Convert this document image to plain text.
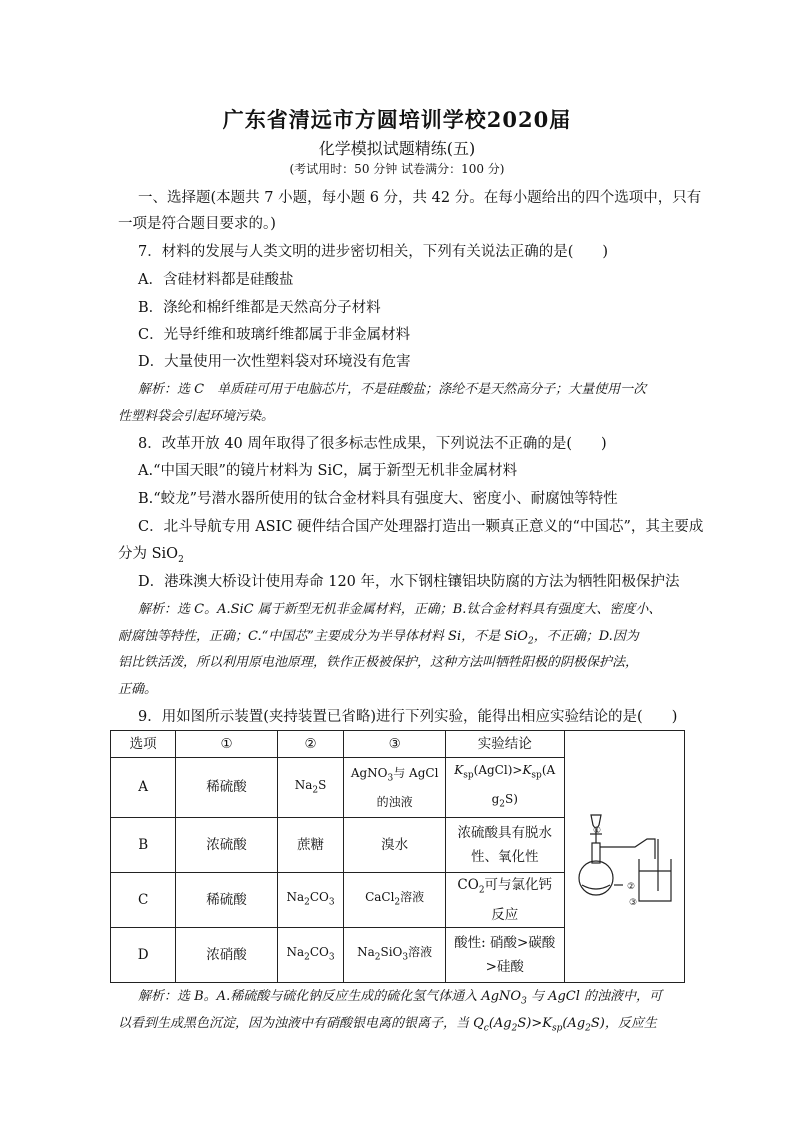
广东省清远市方圆培训学校2020届
化学模拟试题精练(五)
(考试用时：50 分钟 试卷满分：100 分)
一、选择题(本题共 7 小题，每小题 6 分，共 42 分。在每小题给出的四个选项中，只有
一项是符合题目要求的。)
7．材料的发展与人类文明的进步密切相关，下列有关说法正确的是(　　)
A．含硅材料都是硅酸盐
B．涤纶和棉纤维都是天然高分子材料
C．光导纤维和玻璃纤维都属于非金属材料
D．大量使用一次性塑料袋对环境没有危害
解析：选 C　单质硅可用于电脑芯片，不是硅酸盐；涤纶不是天然高分子；大量使用一次
性塑料袋会引起环境污染。
8．改革开放 40 周年取得了很多标志性成果，下列说法不正确的是(　　)
A.“中国天眼”的镜片材料为 SiC，属于新型无机非金属材料
B.“蛟龙”号潜水器所使用的钛合金材料具有强度大、密度小、耐腐蚀等特性
C．北斗导航专用 ASIC 硬件结合国产处理器打造出一颗真正意义的“中国芯”，其主要成
分为 SiO$_2$
D．港珠澳大桥设计使用寿命 120 年，水下钢柱镶铝块防腐的方法为牺牲阳极保护法
解析：选 C。A.SiC 属于新型无机非金属材料，正确；B.钛合金材料具有强度大、密度小、
耐腐蚀等特性，正确；C.“中国芯”主要成分为半导体材料 Si，不是 SiO$_2$，不正确；D.因为
铝比铁活泼，所以利用原电池原理，铁作正极被保护，这种方法叫牺牲阳极的阴极保护法，
正确。
9．用如图所示装置(夹持装置已省略)进行下列实验，能得出相应实验结论的是(　　)
选项	①	②	③	实验结论	①
②
③

A	稀硫酸	$Na_2S$	AgNO$_3$与 AgCl
的浊液	$K_{sp}(AgCl)>K_{sp}(A$
$g_2S$)	
B	浓硫酸	蔗糖	溴水	浓硫酸具有脱水
性、氧化性	
C	稀硫酸	$Na_2CO_3$	CaCl$_2$溶液	$CO_2$可与氯化钙
反应	
D	浓硝酸	$Na_2CO_3$	$Na_2SiO_3$溶液	酸性: 硝酸>碳酸
>硅酸	
解析：选 B。A.稀硫酸与硫化钠反应生成的硫化氢气体通入 AgNO$_3$ 与 AgCl 的浊液中，可
以看到生成黑色沉淀，因为浊液中有硝酸银电离的银离子，当 $Q_c(Ag_2S)>K_{sp}(Ag_2S)$，反应生
